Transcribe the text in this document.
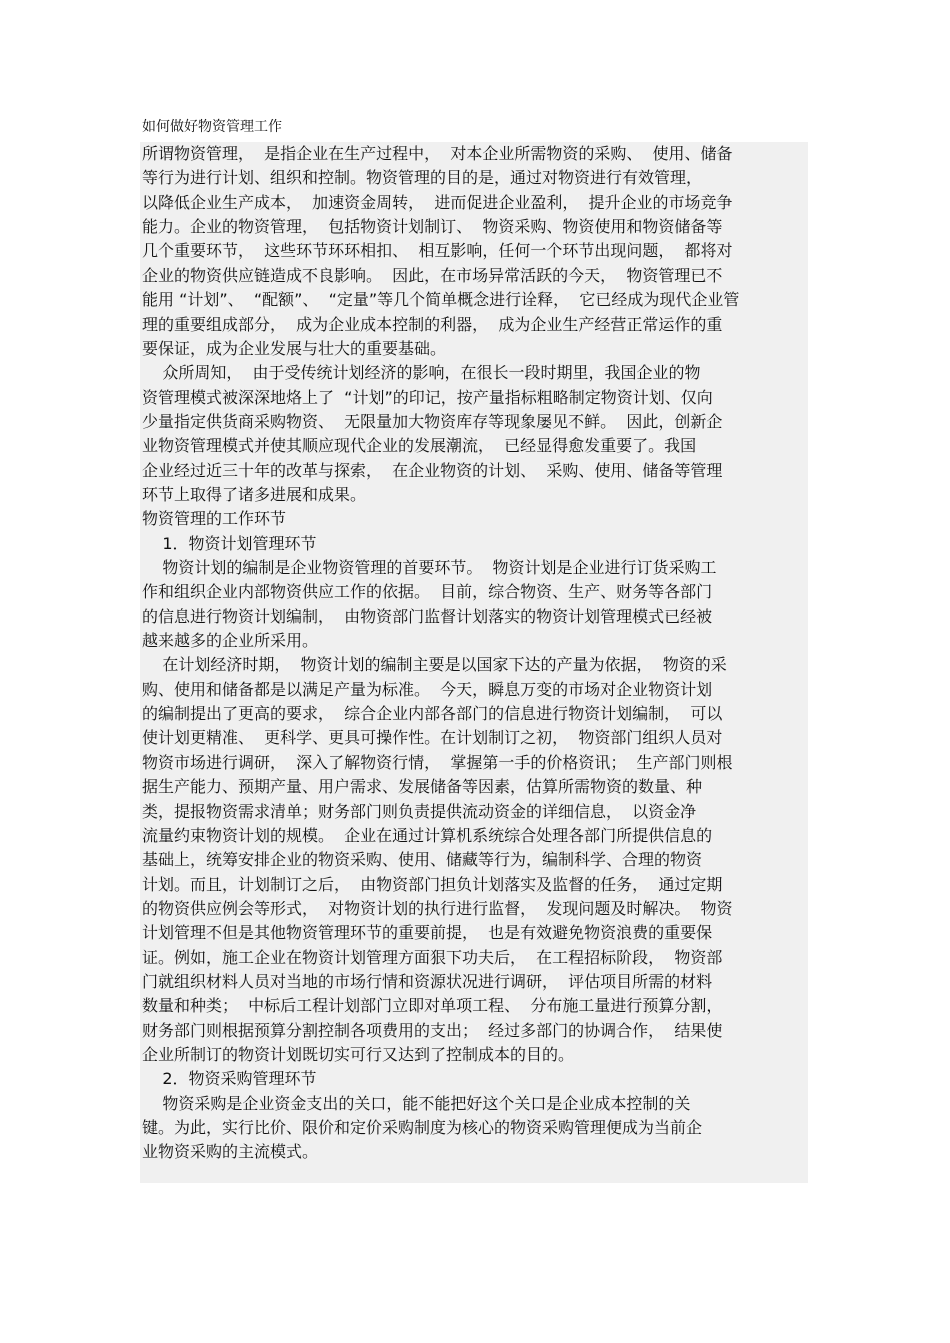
如何做好物资管理工作
所谓物资管理，  是指企业在生产过程中，  对本企业所需物资的采购、  使用、储备
等行为进行计划、组织和控制。物资管理的目的是，通过对物资进行有效管理，
以降低企业生产成本，  加速资金周转，  进而促进企业盈利，  提升企业的市场竞争
能力。企业的物资管理，  包括物资计划制订、  物资采购、物资使用和物资储备等
几个重要环节，  这些环节环环相扣、  相互影响，任何一个环节出现问题，  都将对
企业的物资供应链造成不良影响。  因此，在市场异常活跃的今天，  物资管理已不
能用 “计划”、  “配额”、  “定量”等几个简单概念进行诠释，  它已经成为现代企业管
理的重要组成部分，  成为企业成本控制的利器，  成为企业生产经营正常运作的重
要保证，成为企业发展与壮大的重要基础。
众所周知，  由于受传统计划经济的影响，在很长一段时期里，我国企业的物
资管理模式被深深地烙上了  “计划”的印记，按产量指标粗略制定物资计划、仅向
少量指定供货商采购物资、  无限量加大物资库存等现象屡见不鲜。  因此，创新企
业物资管理模式并使其顺应现代企业的发展潮流，  已经显得愈发重要了。我国
企业经过近三十年的改革与探索，  在企业物资的计划、  采购、使用、储备等管理
环节上取得了诸多进展和成果。
物资管理的工作环节
1．物资计划管理环节
物资计划的编制是企业物资管理的首要环节。  物资计划是企业进行订货采购工
作和组织企业内部物资供应工作的依据。  目前，综合物资、生产、财务等各部门
的信息进行物资计划编制，  由物资部门监督计划落实的物资计划管理模式已经被
越来越多的企业所采用。
在计划经济时期，  物资计划的编制主要是以国家下达的产量为依据，  物资的采
购、使用和储备都是以满足产量为标准。  今天，瞬息万变的市场对企业物资计划
的编制提出了更高的要求，  综合企业内部各部门的信息进行物资计划编制，  可以
使计划更精准、  更科学、更具可操作性。在计划制订之初，  物资部门组织人员对
物资市场进行调研，  深入了解物资行情，  掌握第一手的价格资讯；  生产部门则根
据生产能力、预期产量、用户需求、发展储备等因素，估算所需物资的数量、种
类，提报物资需求清单；财务部门则负责提供流动资金的详细信息，  以资金净
流量约束物资计划的规模。  企业在通过计算机系统综合处理各部门所提供信息的
基础上，统筹安排企业的物资采购、使用、储藏等行为，编制科学、合理的物资
计划。而且，计划制订之后，  由物资部门担负计划落实及监督的任务，  通过定期
的物资供应例会等形式，  对物资计划的执行进行监督，  发现问题及时解决。  物资
计划管理不但是其他物资管理环节的重要前提，  也是有效避免物资浪费的重要保
证。例如，施工企业在物资计划管理方面狠下功夫后，  在工程招标阶段，  物资部
门就组织材料人员对当地的市场行情和资源状况进行调研，  评估项目所需的材料
数量和种类；  中标后工程计划部门立即对单项工程、  分布施工量进行预算分割，
财务部门则根据预算分割控制各项费用的支出；  经过多部门的协调合作，  结果使
企业所制订的物资计划既切实可行又达到了控制成本的目的。
2．物资采购管理环节
物资采购是企业资金支出的关口，能不能把好这个关口是企业成本控制的关
键。为此，实行比价、限价和定价采购制度为核心的物资采购管理便成为当前企
业物资采购的主流模式。
